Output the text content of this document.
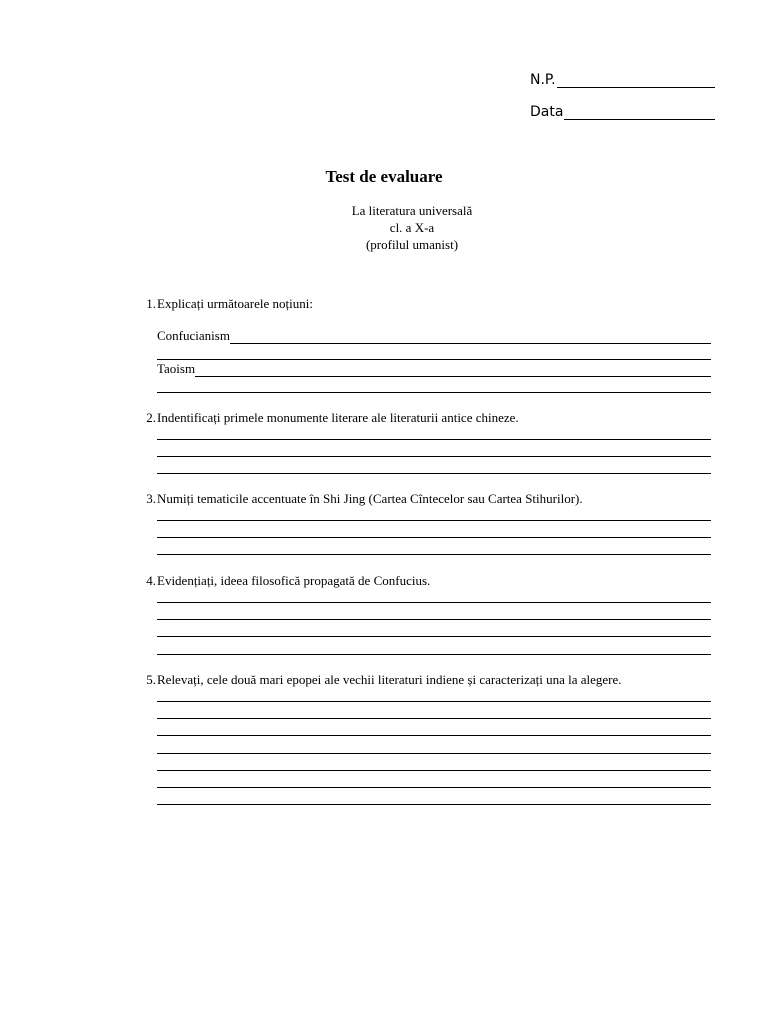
N.P.
Data
Test de evaluare
La literatura universală
cl. a X-a
(profilul umanist)
1. Explicați următoarele noțiuni:
Confucianism
Taoism
2. Indentificați primele monumente literare ale literaturii antice chineze.
3. Numiți tematicile accentuate în Shi Jing (Cartea Cîntecelor sau Cartea Stihurilor).
4. Evidențiați, ideea filosofică propagată de Confucius.
5. Relevați, cele două mari epopei ale vechii literaturi indiene și caracterizați una la alegere.
